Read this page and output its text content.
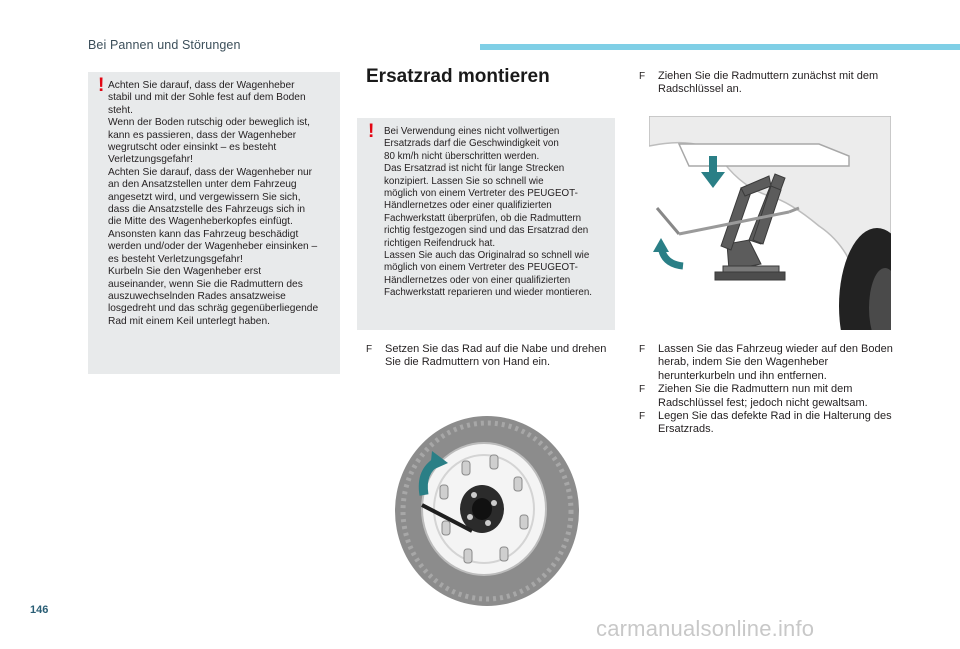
Bei Pannen und Störungen
! Achten Sie darauf, dass der Wagenheber
stabil und mit der Sohle fest auf dem Boden
steht.
Wenn der Boden rutschig oder beweglich ist,
kann es passieren, dass der Wagenheber
wegrutscht oder einsinkt – es besteht
Verletzungsgefahr!
Achten Sie darauf, dass der Wagenheber nur
an den Ansatzstellen unter dem Fahrzeug
angesetzt wird, und vergewissern Sie sich,
dass die Ansatzstelle des Fahrzeugs sich in
die Mitte des Wagenheberkopfes einfügt.
Ansonsten kann das Fahrzeug beschädigt
werden und/oder der Wagenheber einsinken –
es besteht Verletzungsgefahr!
Kurbeln Sie den Wagenheber erst
auseinander, wenn Sie die Radmuttern des
auszuwechselnden Rades ansatzweise
losgedreht und das schräg gegenüberliegende
Rad mit einem Keil unterlegt haben.
Ersatzrad montieren
! Bei Verwendung eines nicht vollwertigen
Ersatzrads darf die Geschwindigkeit von
80 km/h nicht überschritten werden.
Das Ersatzrad ist nicht für lange Strecken
konzipiert. Lassen Sie so schnell wie
möglich von einem Vertreter des PEUGEOT-
Händlernetzes oder einer qualifizierten
Fachwerkstatt überprüfen, ob die Radmuttern
richtig festgezogen sind und das Ersatzrad den
richtigen Reifendruck hat.
Lassen Sie auch das Originalrad so schnell wie
möglich von einem Vertreter des PEUGEOT-
Händlernetzes oder von einer qualifizierten
Fachwerkstatt reparieren und wieder montieren.
F	Setzen Sie das Rad auf die Nabe und drehen Sie die Radmuttern von Hand ein.
F	Ziehen Sie die Radmuttern zunächst mit dem Radschlüssel an.
F	Lassen Sie das Fahrzeug wieder auf den Boden herab, indem Sie den Wagenheber herunterkurbeln und ihn entfernen.
F	Ziehen Sie die Radmuttern nun mit dem Radschlüssel fest; jedoch nicht gewaltsam.
F	Legen Sie das defekte Rad in die Halterung des Ersatzrads.
146
carmanualsonline.info
